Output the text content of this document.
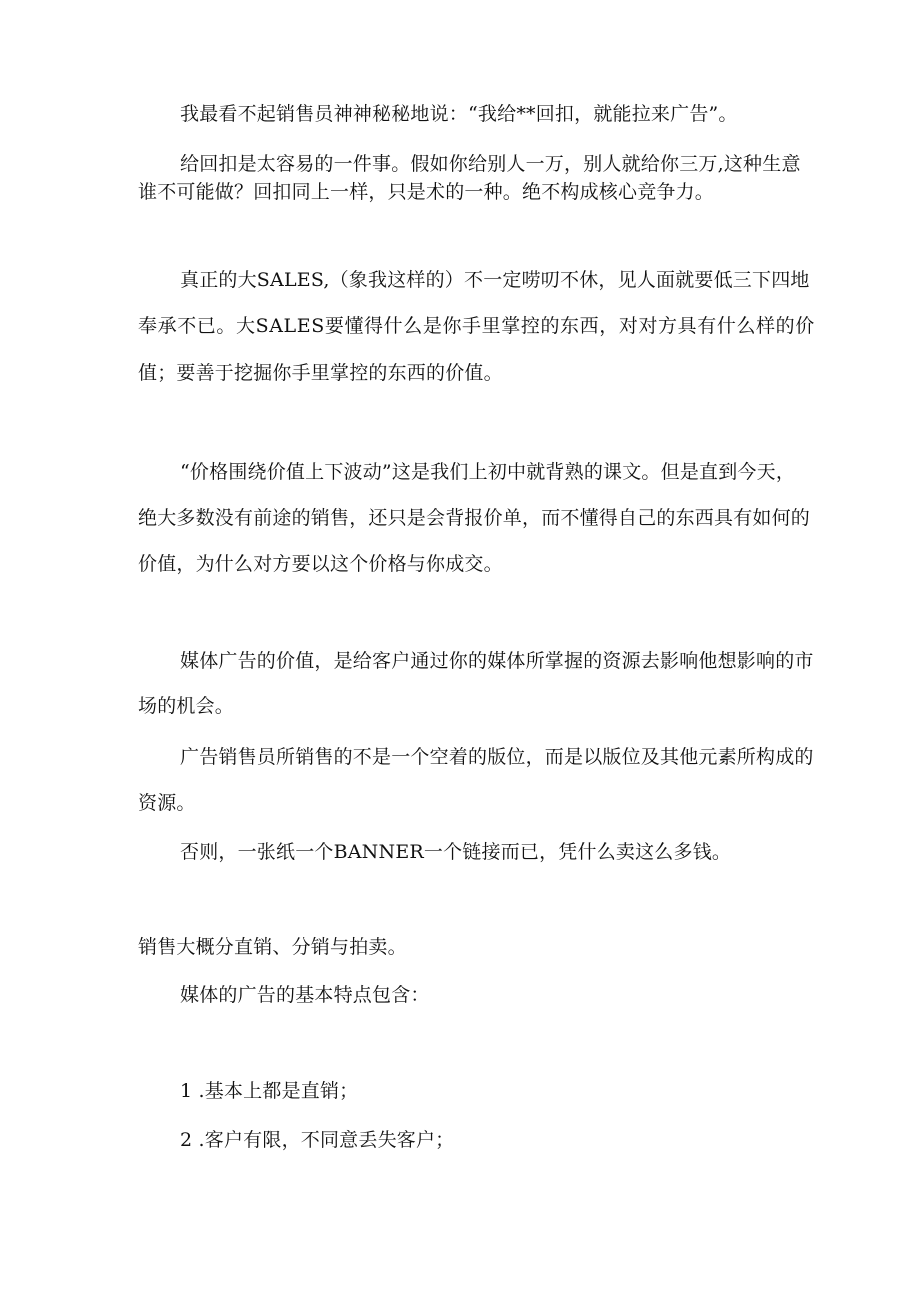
我最看不起销售员神神秘秘地说：“我给**回扣，就能拉来广告”。
给回扣是太容易的一件事。假如你给别人一万，别人就给你三万,这种生意
谁不可能做？回扣同上一样，只是术的一种。绝不构成核心竞争力。
真正的大SALES,（象我这样的）不一定唠叨不休，见人面就要低三下四地
奉承不已。大SALES要懂得什么是你手里掌控的东西，对对方具有什么样的价
值；要善于挖掘你手里掌控的东西的价值。
“价格围绕价值上下波动”这是我们上初中就背熟的课文。但是直到今天，
绝大多数没有前途的销售，还只是会背报价单，而不懂得自己的东西具有如何的
价值，为什么对方要以这个价格与你成交。
媒体广告的价值，是给客户通过你的媒体所掌握的资源去影响他想影响的市
场的机会。
广告销售员所销售的不是一个空着的版位，而是以版位及其他元素所构成的
资源。
否则，一张纸一个BANNER一个链接而已，凭什么卖这么多钱。
销售大概分直销、分销与拍卖。
媒体的广告的基本特点包含：
1 .基本上都是直销；
2 .客户有限，不同意丢失客户；
